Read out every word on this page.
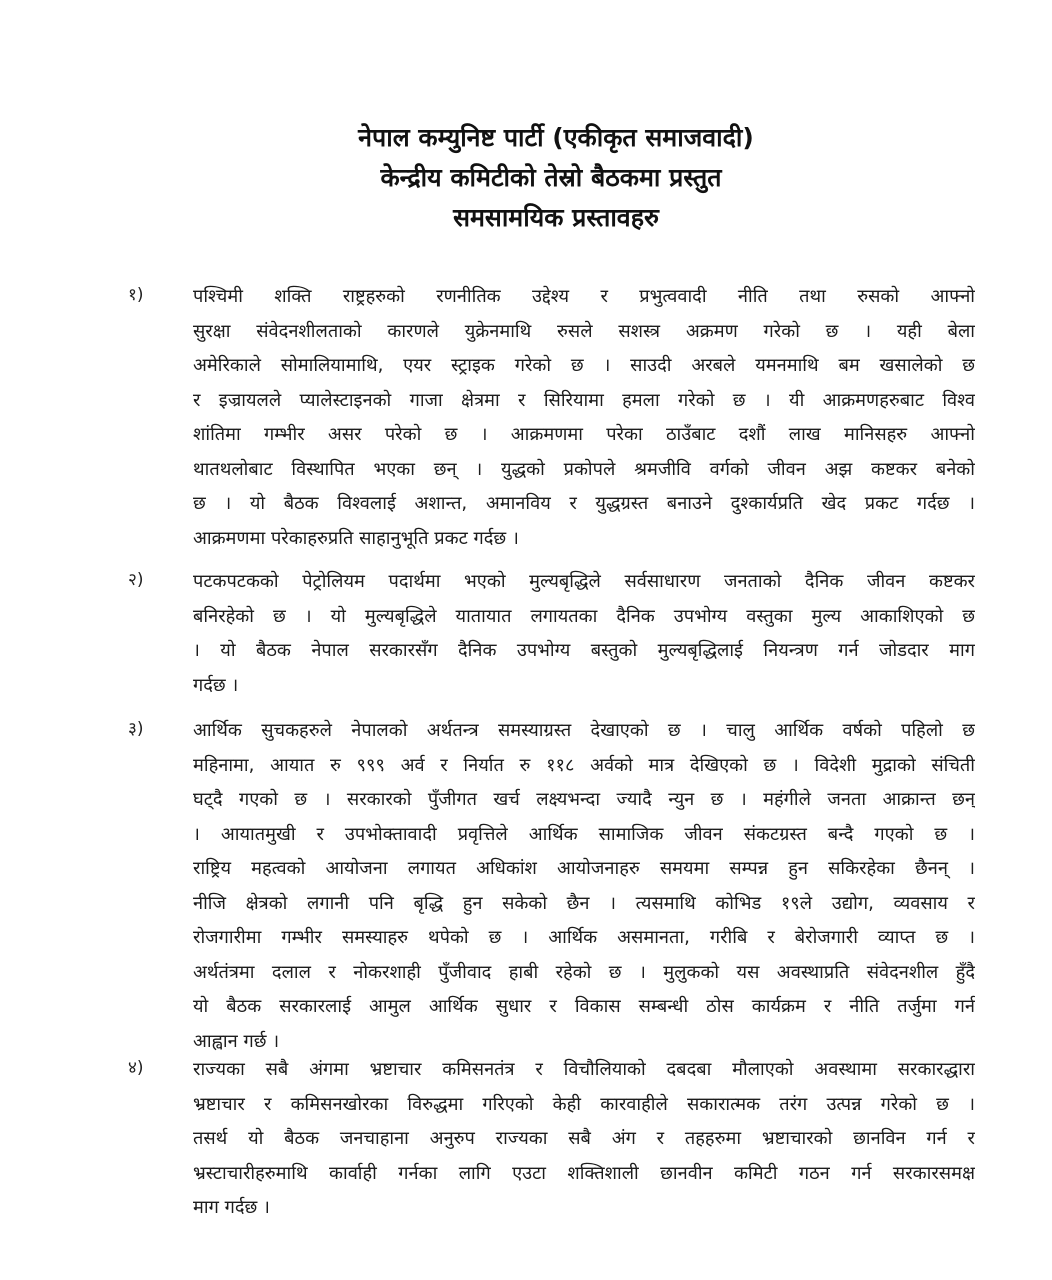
नेपाल कम्युनिष्ट पार्टी (एकीकृत समाजवादी)
केन्द्रीय कमिटीको तेस्रो बैठकमा प्रस्तुत
समसामयिक प्रस्तावहरु
१)	पश्चिमी शक्ति राष्ट्रहरुको रणनीतिक उद्देश्य र प्रभुत्ववादी नीति तथा रुसको आफ्नो
सुरक्षा संवेदनशीलताको कारणले युक्रेनमाथि रुसले सशस्त्र अक्रमण गरेको छ । यही बेला
अमेरिकाले सोमालियामाथि, एयर स्ट्राइक गरेको छ । साउदी अरबले यमनमाथि बम खसालेको छ
र इज्रायलले प्यालेस्टाइनको गाजा क्षेत्रमा र सिरियामा हमला गरेको छ । यी आक्रमणहरुबाट विश्व
शांतिमा गम्भीर असर परेको छ । आक्रमणमा परेका ठाउँबाट दशौं लाख मानिसहरु आफ्नो
थातथलोबाट विस्थापित भएका छन् । युद्धको प्रकोपले श्रमजीवि वर्गको जीवन अझ कष्टकर बनेको
छ । यो बैठक विश्वलाई अशान्त, अमानविय र युद्धग्रस्त बनाउने दुश्कार्यप्रति खेद प्रकट गर्दछ ।
आक्रमणमा परेकाहरुप्रति साहानुभूति प्रकट गर्दछ ।
२)	पटकपटकको पेट्रोलियम पदार्थमा भएको मुल्यबृद्धिले सर्वसाधारण जनताको दैनिक जीवन कष्टकर
बनिरहेको छ । यो मुल्यबृद्धिले यातायात लगायतका दैनिक उपभोग्य वस्तुका मुल्य आकाशिएको छ
। यो बैठक नेपाल सरकारसँग दैनिक उपभोग्य बस्तुको मुल्यबृद्धिलाई नियन्त्रण गर्न जोडदार माग
गर्दछ ।
३)	आर्थिक सुचकहरुले नेपालको अर्थतन्त्र समस्याग्रस्त देखाएको छ । चालु आर्थिक वर्षको पहिलो छ
महिनामा, आयात रु ९९९ अर्व र निर्यात रु ११८ अर्वको मात्र देखिएको छ । विदेशी मुद्राको संचिती
घट्दै गएको छ । सरकारको पुँजीगत खर्च लक्ष्यभन्दा ज्यादै न्युन छ । महंगीले जनता आक्रान्त छन्
। आयातमुखी र उपभोक्तावादी प्रवृत्तिले आर्थिक सामाजिक जीवन संकटग्रस्त बन्दै गएको छ ।
राष्ट्रिय महत्वको आयोजना लगायत अधिकांश आयोजनाहरु समयमा सम्पन्न हुन सकिरहेका छैनन् ।
नीजि क्षेत्रको लगानी पनि बृद्धि हुन सकेको छैन । त्यसमाथि कोभिड १९ले उद्योग, व्यवसाय र
रोजगारीमा गम्भीर समस्याहरु थपेको छ । आर्थिक असमानता, गरीबि र बेरोजगारी व्याप्त छ ।
अर्थतंत्रमा दलाल र नोकरशाही पुँजीवाद हाबी रहेको छ । मुलुकको यस अवस्थाप्रति संवेदनशील हुँदै
यो बैठक सरकारलाई आमुल आर्थिक सुधार र विकास सम्बन्धी ठोस कार्यक्रम र नीति तर्जुमा गर्न
आह्वान गर्छ ।
४)	राज्यका सबै अंगमा भ्रष्टाचार कमिसनतंत्र र विचौलियाको दबदबा मौलाएको अवस्थामा सरकारद्धारा
भ्रष्टाचार र कमिसनखोरका विरुद्धमा गरिएको केही कारवाहीले सकारात्मक तरंग उत्पन्न गरेको छ ।
तसर्थ यो बैठक जनचाहाना अनुरुप राज्यका सबै अंग र तहहरुमा भ्रष्टाचारको छानविन गर्न र
भ्रस्टाचारीहरुमाथि कार्वाही गर्नका लागि एउटा शक्तिशाली छानवीन कमिटी गठन गर्न सरकारसमक्ष
माग गर्दछ ।
